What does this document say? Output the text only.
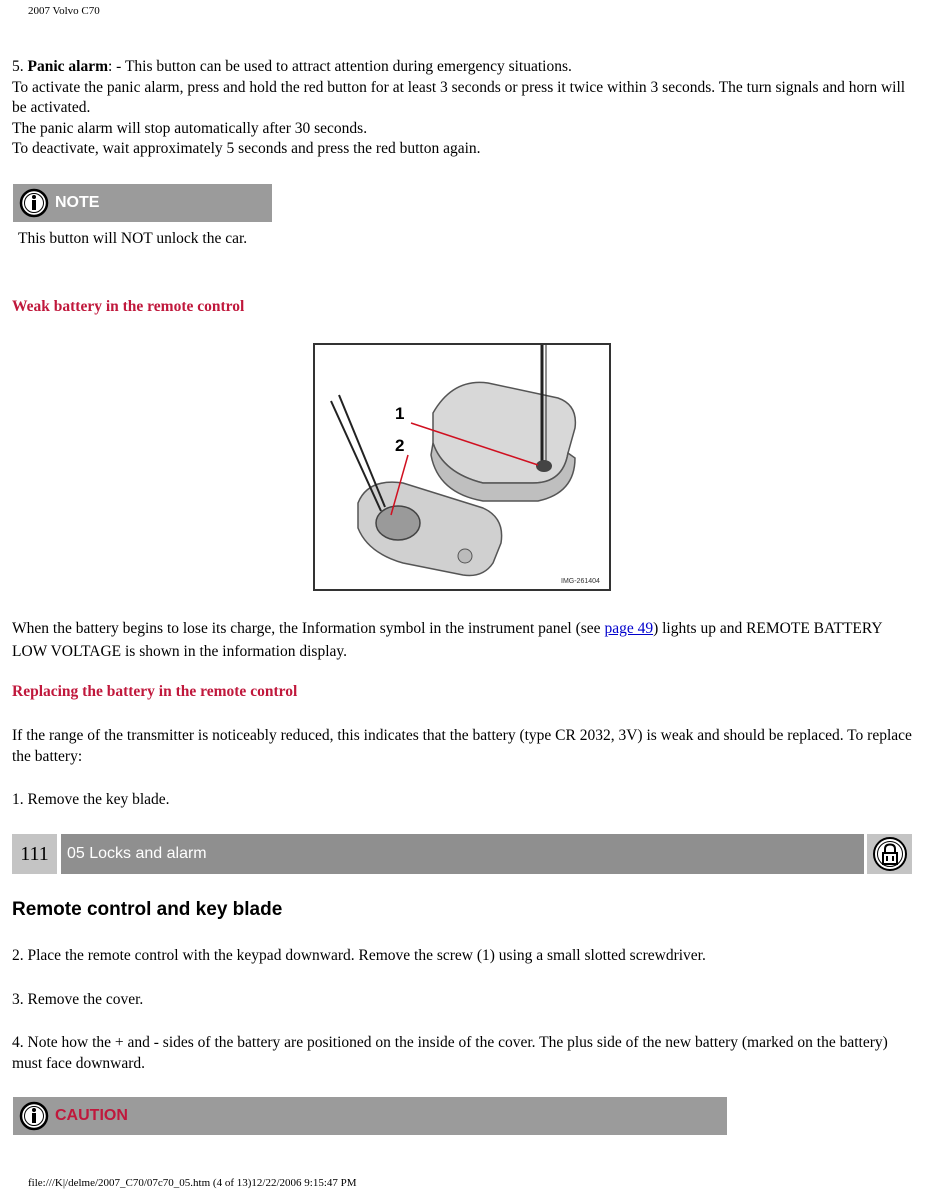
2007 Volvo C70
5. Panic alarm: - This button can be used to attract attention during emergency situations.
To activate the panic alarm, press and hold the red button for at least 3 seconds or press it twice within 3 seconds. The turn signals and horn will be activated.
The panic alarm will stop automatically after 30 seconds.
To deactivate, wait approximately 5 seconds and press the red button again.
NOTE
This button will NOT unlock the car.
Weak battery in the remote control
1
2
IMG-261404
When the battery begins to lose its charge, the Information symbol in the instrument panel (see page 49) lights up and REMOTE BATTERY LOW VOLTAGE is shown in the information display.
Replacing the battery in the remote control
If the range of the transmitter is noticeably reduced, this indicates that the battery (type CR 2032, 3V) is weak and should be replaced. To replace the battery:
1. Remove the key blade.
111	05 Locks and alarm
Remote control and key blade
2. Place the remote control with the keypad downward. Remove the screw (1) using a small slotted screwdriver.
3. Remove the cover.
4. Note how the + and - sides of the battery are positioned on the inside of the cover. The plus side of the new battery (marked on the battery) must face downward.
CAUTION
file:///K|/delme/2007_C70/07c70_05.htm (4 of 13)12/22/2006 9:15:47 PM
